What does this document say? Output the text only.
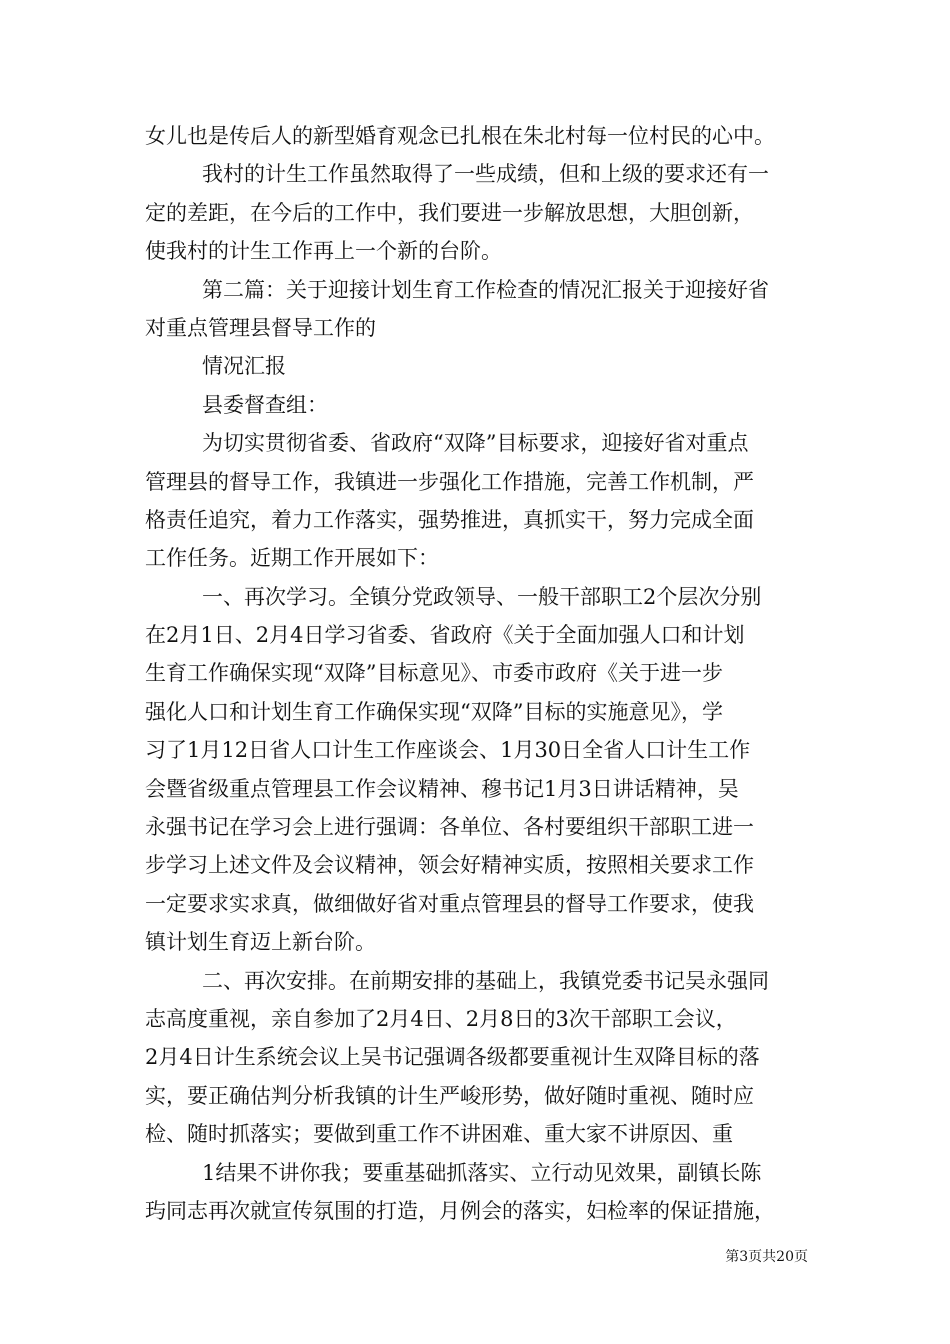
女儿也是传后人的新型婚育观念已扎根在朱北村每一位村民的心中。
我村的计生工作虽然取得了一些成绩，但和上级的要求还有一
定的差距，在今后的工作中，我们要进一步解放思想，大胆创新，
使我村的计生工作再上一个新的台阶。
第二篇：关于迎接计划生育工作检查的情况汇报关于迎接好省
对重点管理县督导工作的
情况汇报
县委督查组：
为切实贯彻省委、省政府“双降”目标要求，迎接好省对重点
管理县的督导工作，我镇进一步强化工作措施，完善工作机制，严
格责任追究，着力工作落实，强势推进，真抓实干，努力完成全面
工作任务。近期工作开展如下：
一、再次学习。全镇分党政领导、一般干部职工2个层次分别
在2月1日、2月4日学习省委、省政府《关于全面加强人口和计划
生育工作确保实现“双降”目标意见》、市委市政府《关于进一步
强化人口和计划生育工作确保实现“双降”目标的实施意见》，学
习了1月12日省人口计生工作座谈会、1月30日全省人口计生工作
会暨省级重点管理县工作会议精神、穆书记1月3日讲话精神，吴
永强书记在学习会上进行强调：各单位、各村要组织干部职工进一
步学习上述文件及会议精神，领会好精神实质，按照相关要求工作
一定要求实求真，做细做好省对重点管理县的督导工作要求，使我
镇计划生育迈上新台阶。
二、再次安排。在前期安排的基础上，我镇党委书记吴永强同
志高度重视，亲自参加了2月4日、2月8日的3次干部职工会议，
2月4日计生系统会议上吴书记强调各级都要重视计生双降目标的落
实，要正确估判分析我镇的计生严峻形势，做好随时重视、随时应
检、随时抓落实；要做到重工作不讲困难、重大家不讲原因、重
1结果不讲你我；要重基础抓落实、立行动见效果，副镇长陈
玙同志再次就宣传氛围的打造，月例会的落实，妇检率的保证措施，
第3页共20页
